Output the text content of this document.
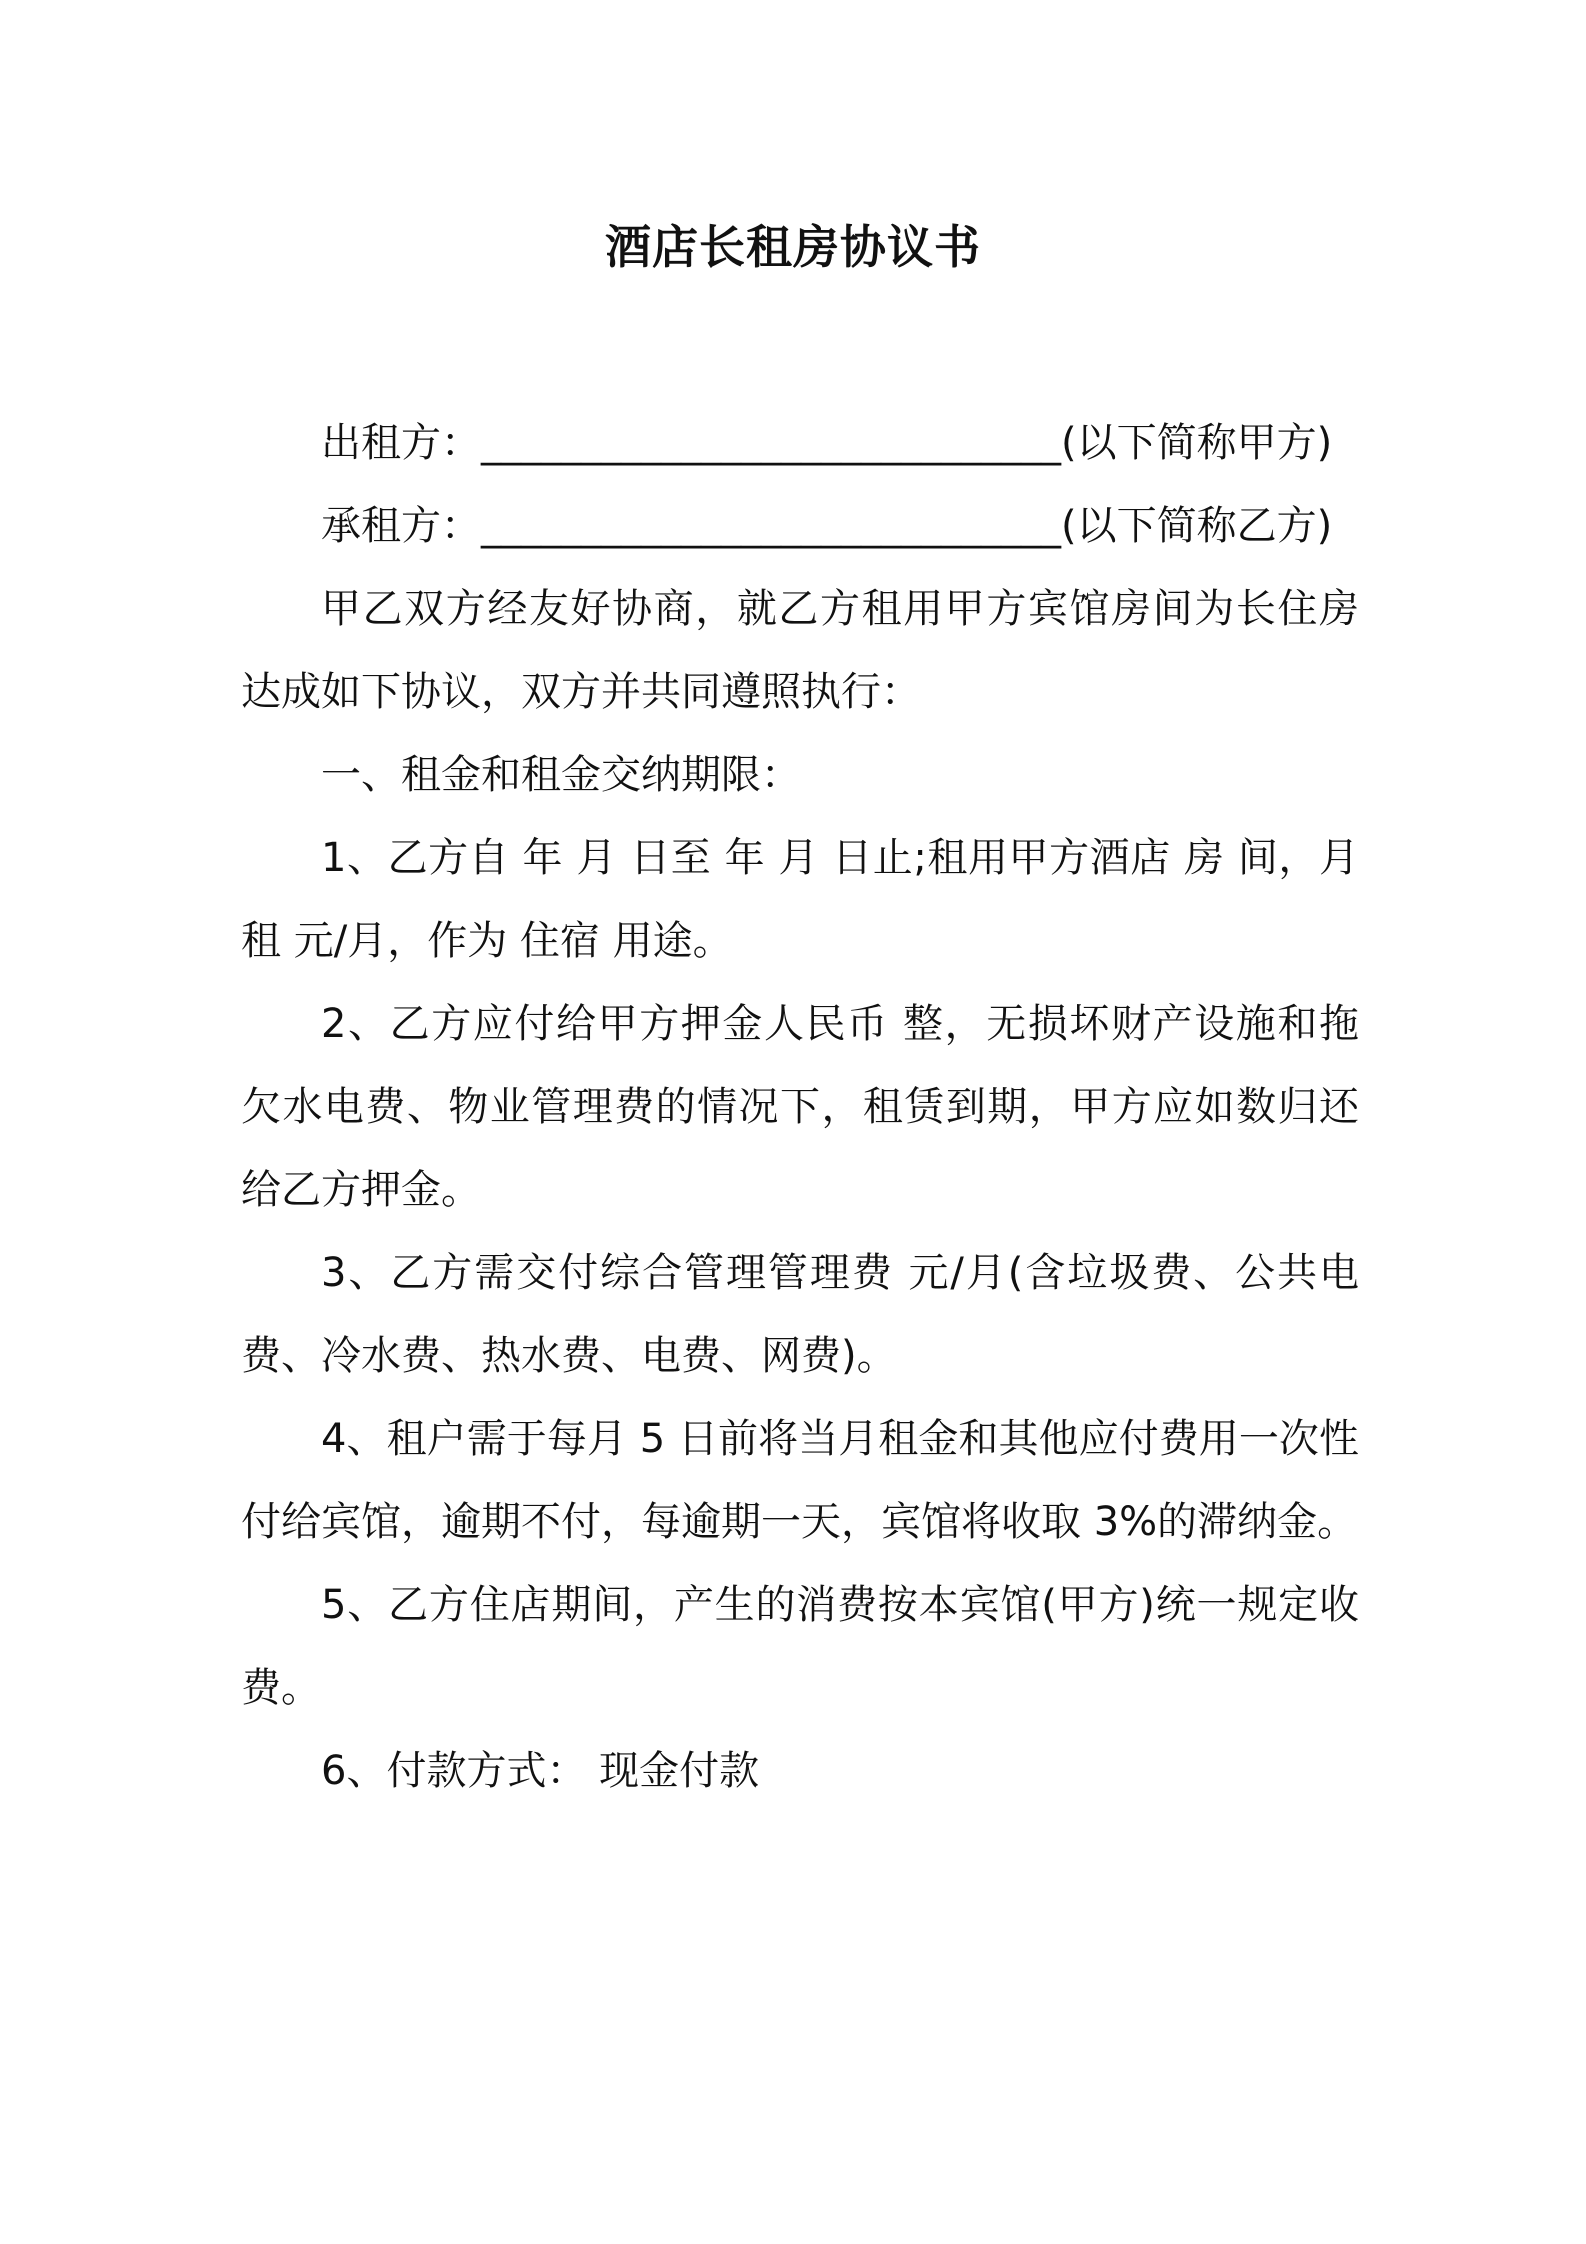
酒店长租房协议书

出租方：_____________________________(以下简称甲方)

承租方：_____________________________(以下简称乙方)

甲乙双方经友好协商，就乙方租用甲方宾馆房间为长住房达成如下协议，双方并共同遵照执行：

一、租金和租金交纳期限：

1、乙方自 年 月 日至 年 月 日止;租用甲方酒店 房 间，月租 元/月，作为 住宿 用途。

2、乙方应付给甲方押金人民币 整，无损坏财产设施和拖欠水电费、物业管理费的情况下，租赁到期，甲方应如数归还给乙方押金。

3、乙方需交付综合管理管理费 元/月(含垃圾费、公共电费、冷水费、热水费、电费、网费)。

4、租户需于每月 5 日前将当月租金和其他应付费用一次性付给宾馆，逾期不付，每逾期一天，宾馆将收取 3%的滞纳金。

5、乙方住店期间，产生的消费按本宾馆(甲方)统一规定收费。

6、付款方式： 现金付款
